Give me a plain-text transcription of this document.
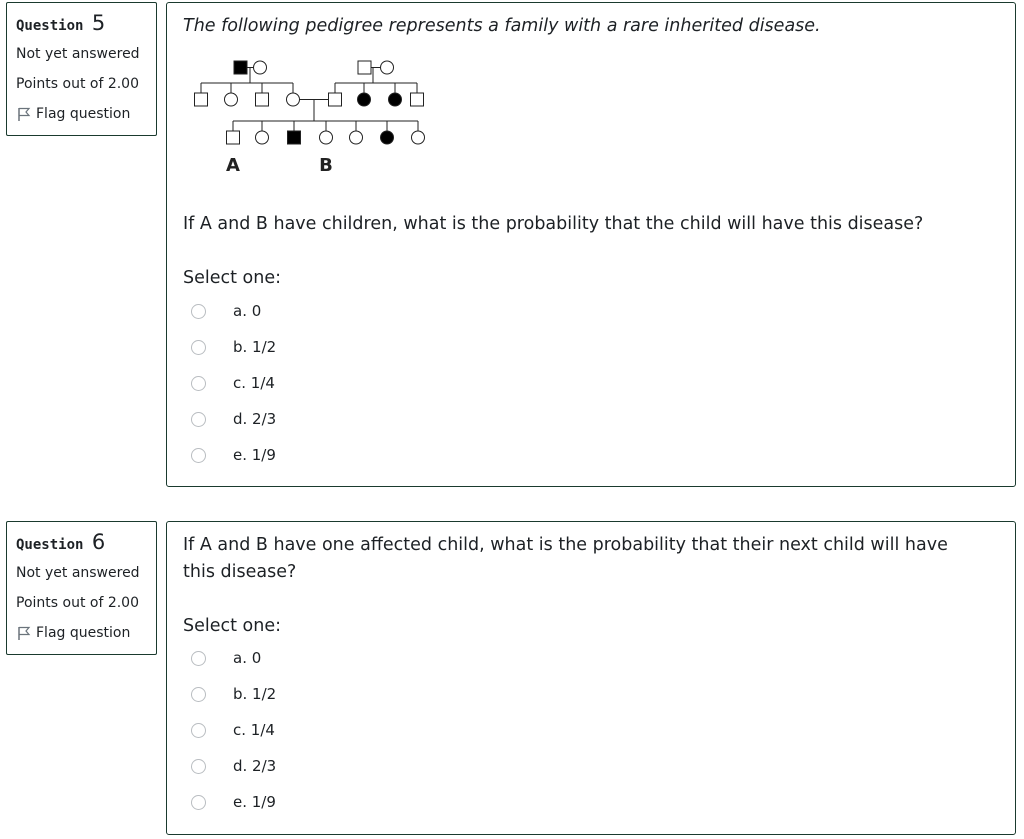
Question 5
Not yet answered
Points out of 2.00
Flag question

The following pedigree represents a family with a rare inherited disease.

A	B

If A and B have children, what is the probability that the child will have this disease?

Select one:

a. 0
b. 1/2
c. 1/4
d. 2/3
e. 1/9
Question 6
Not yet answered
Points out of 2.00
Flag question

If A and B have one affected child, what is the probability that their next child will have

this disease?

Select one:

a. 0
b. 1/2
c. 1/4
d. 2/3
e. 1/9
